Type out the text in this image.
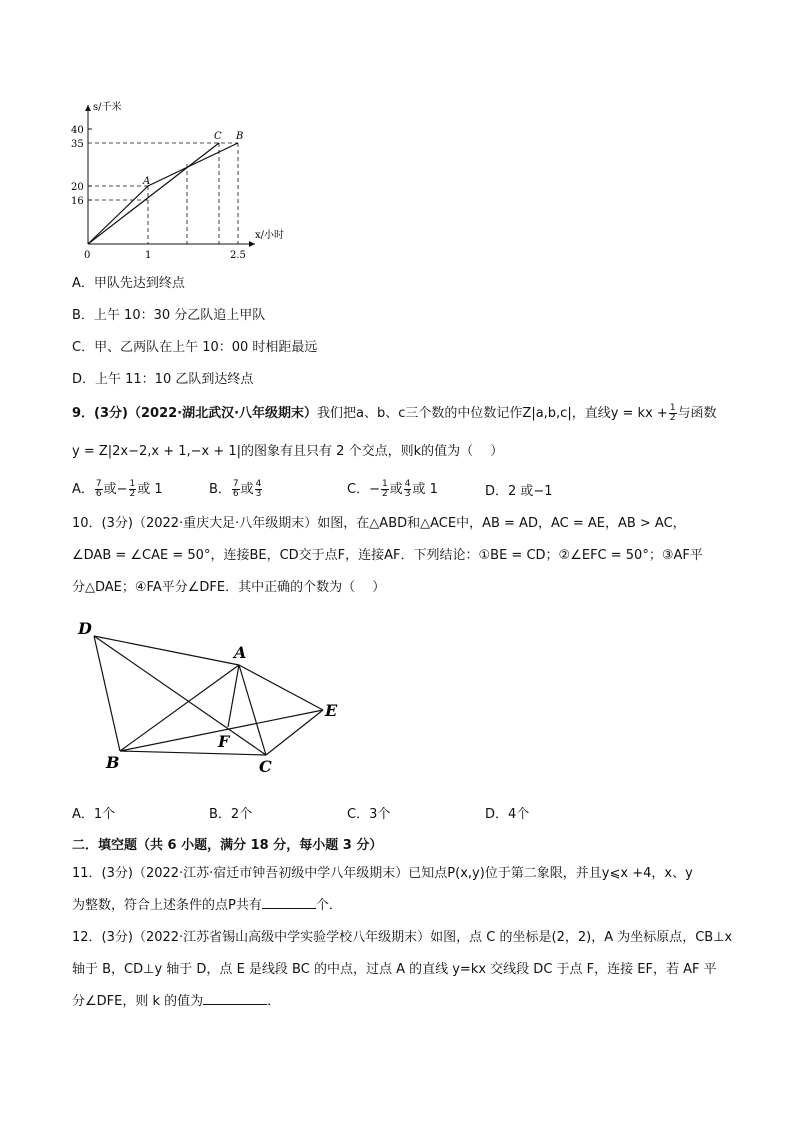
s/千米
x/小时
40
35
20
16
0	1	2.5
A
C B
A．甲队先达到终点
B．上午 10：30 分乙队追上甲队
C．甲、乙两队在上午 10：00 时相距最远
D．上午 11：10 乙队到达终点
9．(3分)（2022·湖北武汉·八年级期末）我们把a、b、c三个数的中位数记作Z|a,b,c|，直线y = kx + $\frac{1}{2}$ 与函数
y = Z|2x−2,x + 1,−x + 1|的图象有且只有 2 个交点，则k的值为（　 ）
A． $\frac{7}{6}$ 或− $\frac{1}{2}$ 或 1	B． $\frac{7}{6}$ 或 $\frac{4}{3}$	C．− $\frac{1}{2}$ 或 $\frac{4}{3}$ 或 1	D．2 或−1
10．(3分)（2022·重庆大足·八年级期末）如图，在△ABD和△ACE中，AB = AD，AC = AE，AB > AC，
∠DAB = ∠CAE = 50°，连接BE，CD交于点F，连接AF．下列结论：①BE = CD；②∠EFC = 50°；③AF平
分△DAE；④FA平分∠DFE．其中正确的个数为（　 ）
D
A
E
F
B	C
A．1个	B．2个	C．3个	D．4个
二．填空题（共 6 小题，满分 18 分，每小题 3 分）
11．(3分)（2022·江苏·宿迁市钟吾初级中学八年级期末）已知点P(x,y)位于第二象限，并且y⩽x +4，x、y
为整数，符合上述条件的点P共有	个．
12．(3分)（2022·江苏省锡山高级中学实验学校八年级期末）如图，点 C 的坐标是(2，2)，A 为坐标原点，CB⊥x
轴于 B，CD⊥y 轴于 D，点 E 是线段 BC 的中点，过点 A 的直线 y=kx 交线段 DC 于点 F，连接 EF，若 AF 平
分∠DFE，则 k 的值为	．
